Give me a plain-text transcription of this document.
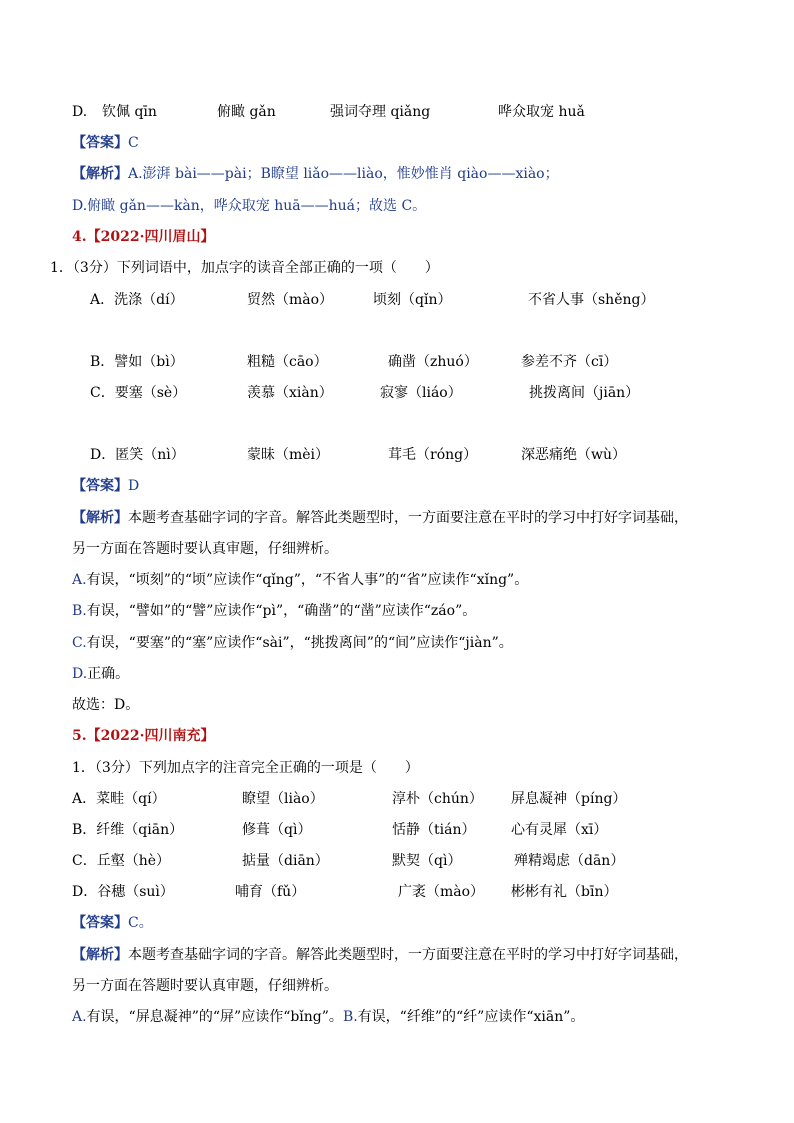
D. 钦佩 qīn	俯瞰 gǎn	强词夺理 qiǎng	哗众取宠 huǎ
【答案】C
【解析】A.澎湃 bài——pài；B瞭望 liǎo——liào，惟妙惟肖 qiào——xiào；
D.俯瞰 gǎn——kàn，哗众取宠 huā——huá；故选 C。
4.【2022·四川眉山】
1．（3分）下列词语中，加点字的读音全部正确的一项（　　）
A．洗涤（dí）	贸然（mào）	顷刻（qǐn）	不省人事（shěng）
B．譬如（bì）	粗糙（cāo）	确凿（zhuó）	参差不齐（cī）
C．要塞（sè）	羡慕（xiàn）	寂寥（liáo）	挑拨离间（jiān）
D．匿笑（nì）	蒙昧（mèi）	茸毛（róng）	深恶痛绝（wù）
【答案】D
【解析】本题考查基础字词的字音。解答此类题型时，一方面要注意在平时的学习中打好字词基础，
另一方面在答题时要认真审题，仔细辨析。
A.有误，“顷刻”的“顷”应读作“qǐng”，“不省人事”的“省”应读作“xǐng”。
B.有误，“譬如”的“譬”应读作“pì”，“确凿”的“凿”应读作“záo”。
C.有误，“要塞”的“塞”应读作“sài”，“挑拨离间”的“间”应读作“jiàn”。
D.正确。
故选：D。
5.【2022·四川南充】
1．（3分）下列加点字的注音完全正确的一项是（　　）
A．菜畦（qí）	瞭望（liào）	淳朴（chún） 屏息凝神（píng）
B．纤维（qiān）	修葺（qì）	恬静（tián）	心有灵犀（xī）
C．丘壑（hè）	掂量（diān）	默契（qì）	殚精竭虑（dān）
D．谷穗（suì）	哺育（fǔ）	广袤（mào） 彬彬有礼（bīn）
【答案】C。
【解析】本题考查基础字词的字音。解答此类题型时，一方面要注意在平时的学习中打好字词基础，
另一方面在答题时要认真审题，仔细辨析。
A.有误，“屏息凝神”的“屏”应读作“bǐng”。B.有误，“纤维”的“纤”应读作“xiān”。
